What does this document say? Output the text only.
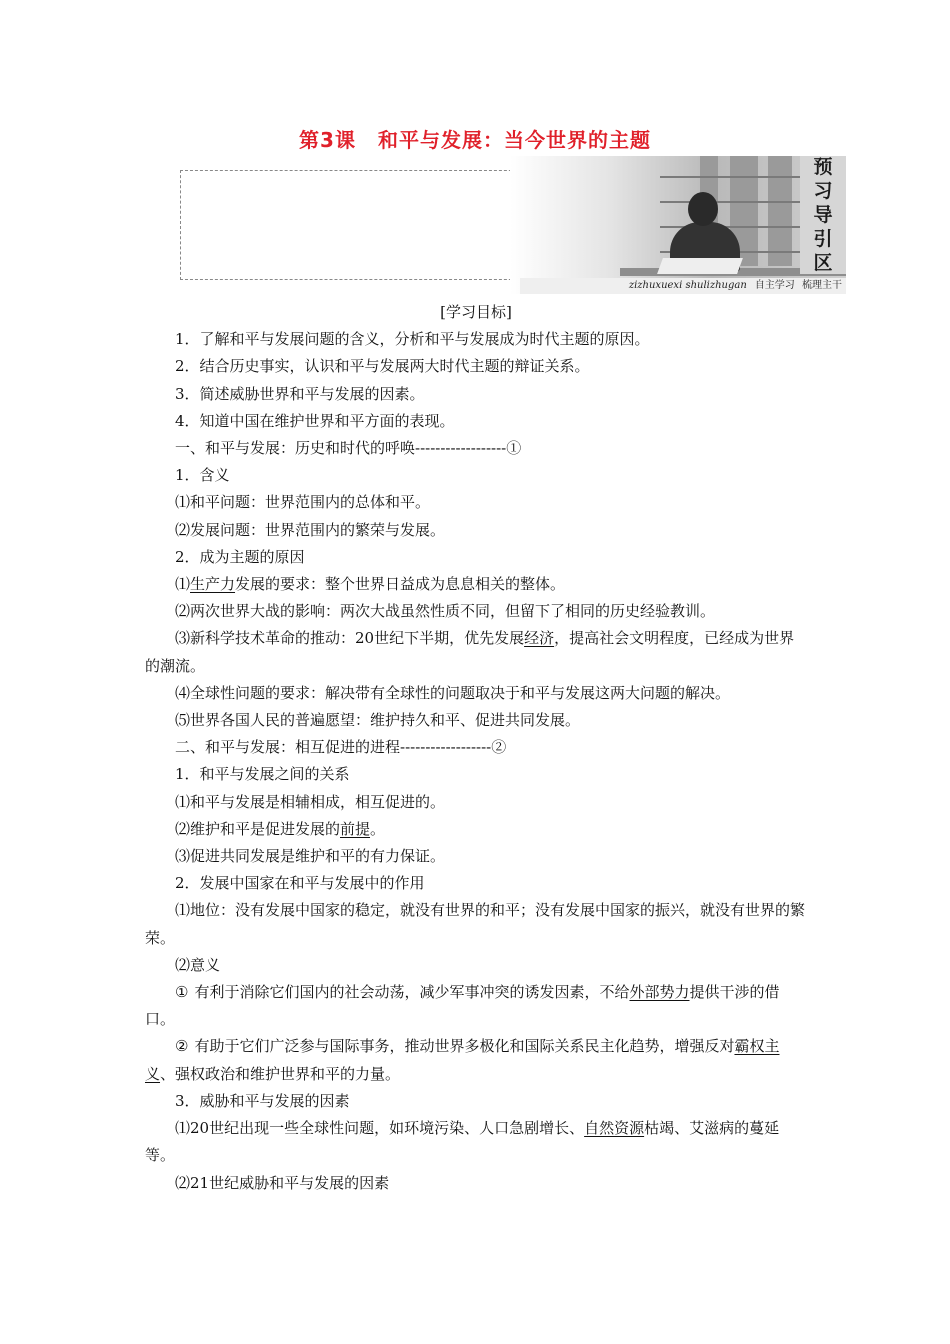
第3课 和平与发展：当今世界的主题
预
习
导
引
区
zizhuxuexi shulizhugan 自主学习 梳理主干

[学习目标]

1．了解和平与发展问题的含义，分析和平与发展成为时代主题的原因。

2．结合历史事实，认识和平与发展两大时代主题的辩证关系。

3．简述威胁世界和平与发展的因素。

4．知道中国在维护世界和平方面的表现。

一、和平与发展：历史和时代的呼唤------------------①

1．含义

⑴和平问题：世界范围内的总体和平。

⑵发展问题：世界范围内的繁荣与发展。

2．成为主题的原因

⑴生产力发展的要求：整个世界日益成为息息相关的整体。

⑵两次世界大战的影响：两次大战虽然性质不同，但留下了相同的历史经验教训。

⑶新科学技术革命的推动：20世纪下半期，优先发展经济，提高社会文明程度，已经成为世界的潮流。

⑷全球性问题的要求：解决带有全球性的问题取决于和平与发展这两大问题的解决。

⑸世界各国人民的普遍愿望：维护持久和平、促进共同发展。

二、和平与发展：相互促进的进程------------------②

1．和平与发展之间的关系

⑴和平与发展是相辅相成，相互促进的。

⑵维护和平是促进发展的前提。

⑶促进共同发展是维护和平的有力保证。

2．发展中国家在和平与发展中的作用

⑴地位：没有发展中国家的稳定，就没有世界的和平；没有发展中国家的振兴，就没有世界的繁荣。

⑵意义

① 有利于消除它们国内的社会动荡，减少军事冲突的诱发因素，不给外部势力提供干涉的借口。

② 有助于它们广泛参与国际事务，推动世界多极化和国际关系民主化趋势，增强反对霸权主义、强权政治和维护世界和平的力量。

3．威胁和平与发展的因素

⑴20世纪出现一些全球性问题，如环境污染、人口急剧增长、自然资源枯竭、艾滋病的蔓延等。

⑵21世纪威胁和平与发展的因素
